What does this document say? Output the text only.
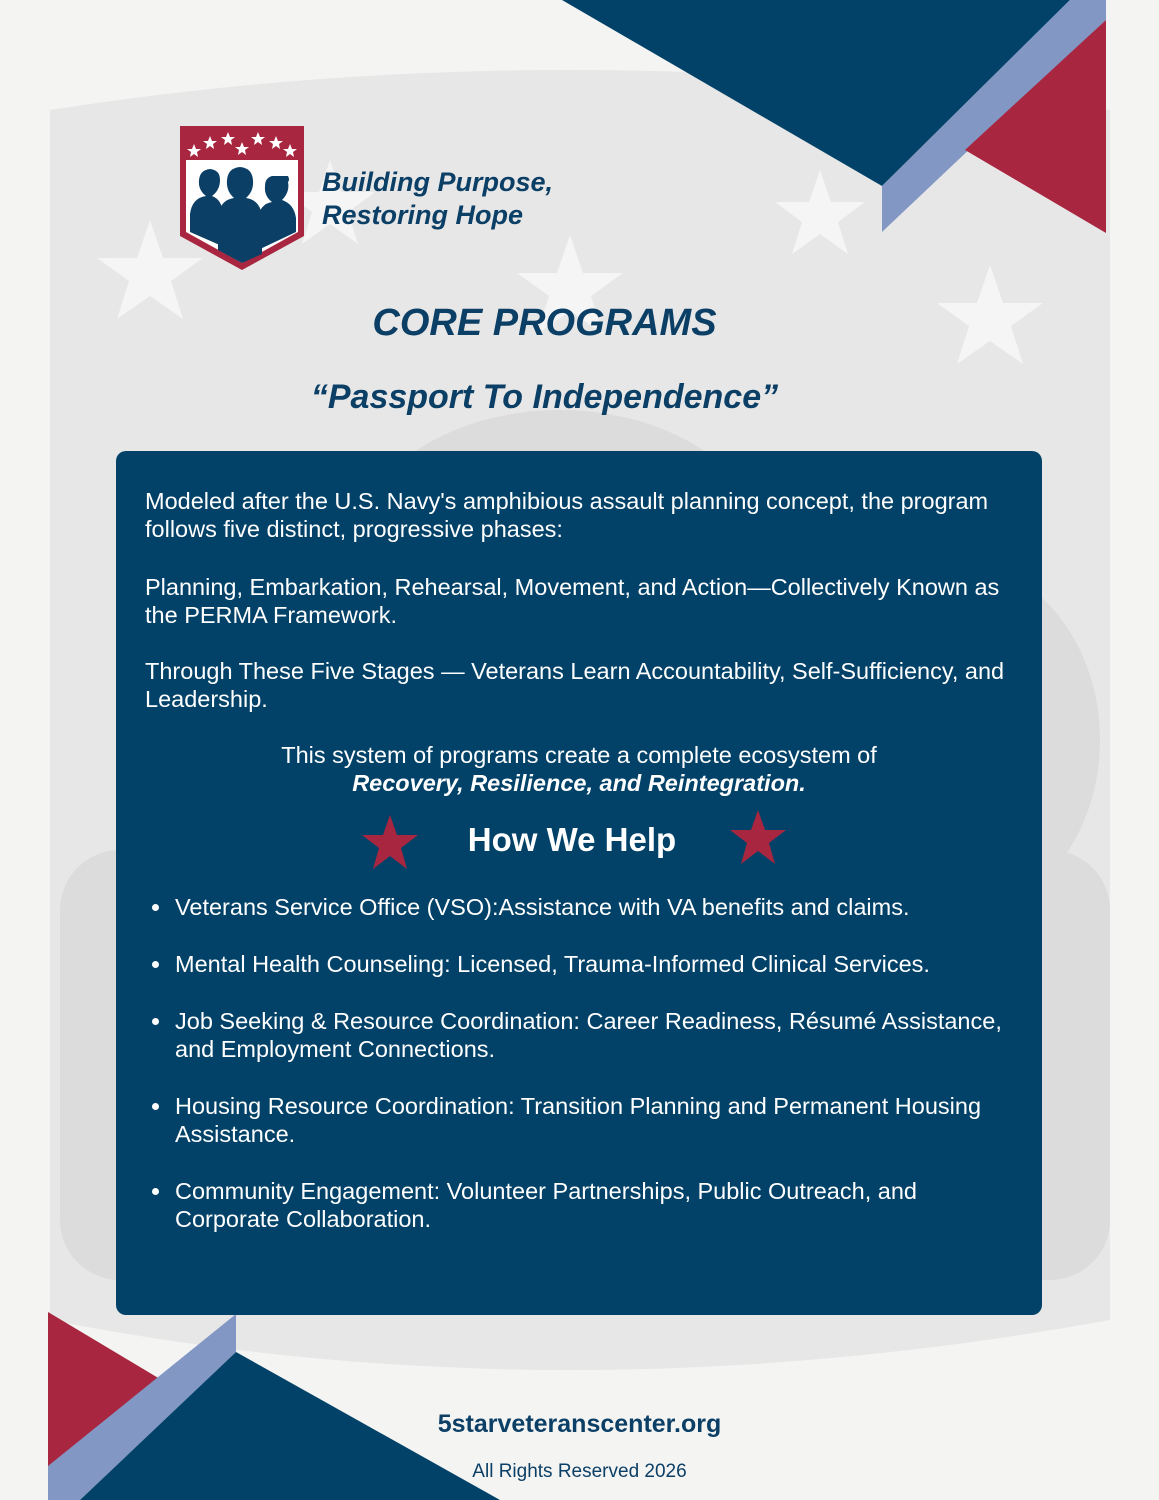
Building Purpose,
Restoring Hope
CORE PROGRAMS
“Passport To Independence”

Modeled after the U.S. Navy's amphibious assault planning concept, the program follows five distinct, progressive phases:

Planning, Embarkation, Rehearsal, Movement, and Action—Collectively Known as the PERMA Framework.

Through These Five Stages — Veterans Learn Accountability, Self-Sufficiency, and Leadership.

This system of programs create a complete ecosystem of
Recovery, Resilience, and Reintegration.
How We Help
Veterans Service Office (VSO):Assistance with VA benefits and claims.
Mental Health Counseling: Licensed, Trauma-Informed Clinical Services.
Job Seeking & Resource Coordination: Career Readiness, Résumé Assistance, and Employment Connections.
Housing Resource Coordination: Transition Planning and Permanent Housing Assistance.
Community Engagement: Volunteer Partnerships, Public Outreach, and Corporate Collaboration.
5starveteranscenter.org
All Rights Reserved 2026
